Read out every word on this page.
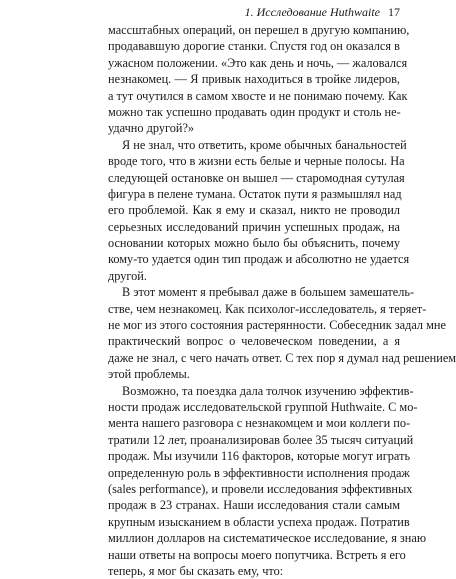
1. Исследование Huthwaite 17
массштабных операций, он перешел в другую компанию,
продававшую дорогие станки. Спустя год он оказался в
ужасном положении. «Это как день и ночь, — жаловался
незнакомец. — Я привык находиться в тройке лидеров,
а тут очутился в самом хвосте и не понимаю почему. Как
можно так успешно продавать один продукт и столь не-
удачно другой?»
Я не знал, что ответить, кроме обычных банальностей
вроде того, что в жизни есть белые и черные полосы. На
следующей остановке он вышел — старомодная сутулая
фигура в пелене тумана. Остаток пути я размышлял над
его проблемой. Как я ему и сказал, никто не проводил
серьезных исследований причин успешных продаж, на
основании которых можно было бы объяснить, почему
кому-то удается один тип продаж и абсолютно не удается
другой.
В этот момент я пребывал даже в большем замешатель-
стве, чем незнакомец. Как психолог-исследователь, я теряет-
не мог из этого состояния растерянности. Собеседник задал мне
практический вопрос о человеческом поведении, а я
даже не знал, с чего начать ответ. С тех пор я думал над решением
этой проблемы.
Возможно, та поездка дала толчок изучению эффектив-
ности продаж исследовательской группой Huthwaite. С мо-
мента нашего разговора с незнакомцем и мои коллеги по-
тратили 12 лет, проанализировав более 35 тысяч ситуаций
продаж. Мы изучили 116 факторов, которые могут играть
определенную роль в эффективности исполнения продаж
(sales performance), и провели исследования эффективных
продаж в 23 странах. Наши исследования стали самым
крупным изысканием в области успеха продаж. Потратив
миллион долларов на систематическое исследование, я знаю
наши ответы на вопросы моего попутчика. Встреть я его
теперь, я мог бы сказать ему, что:
